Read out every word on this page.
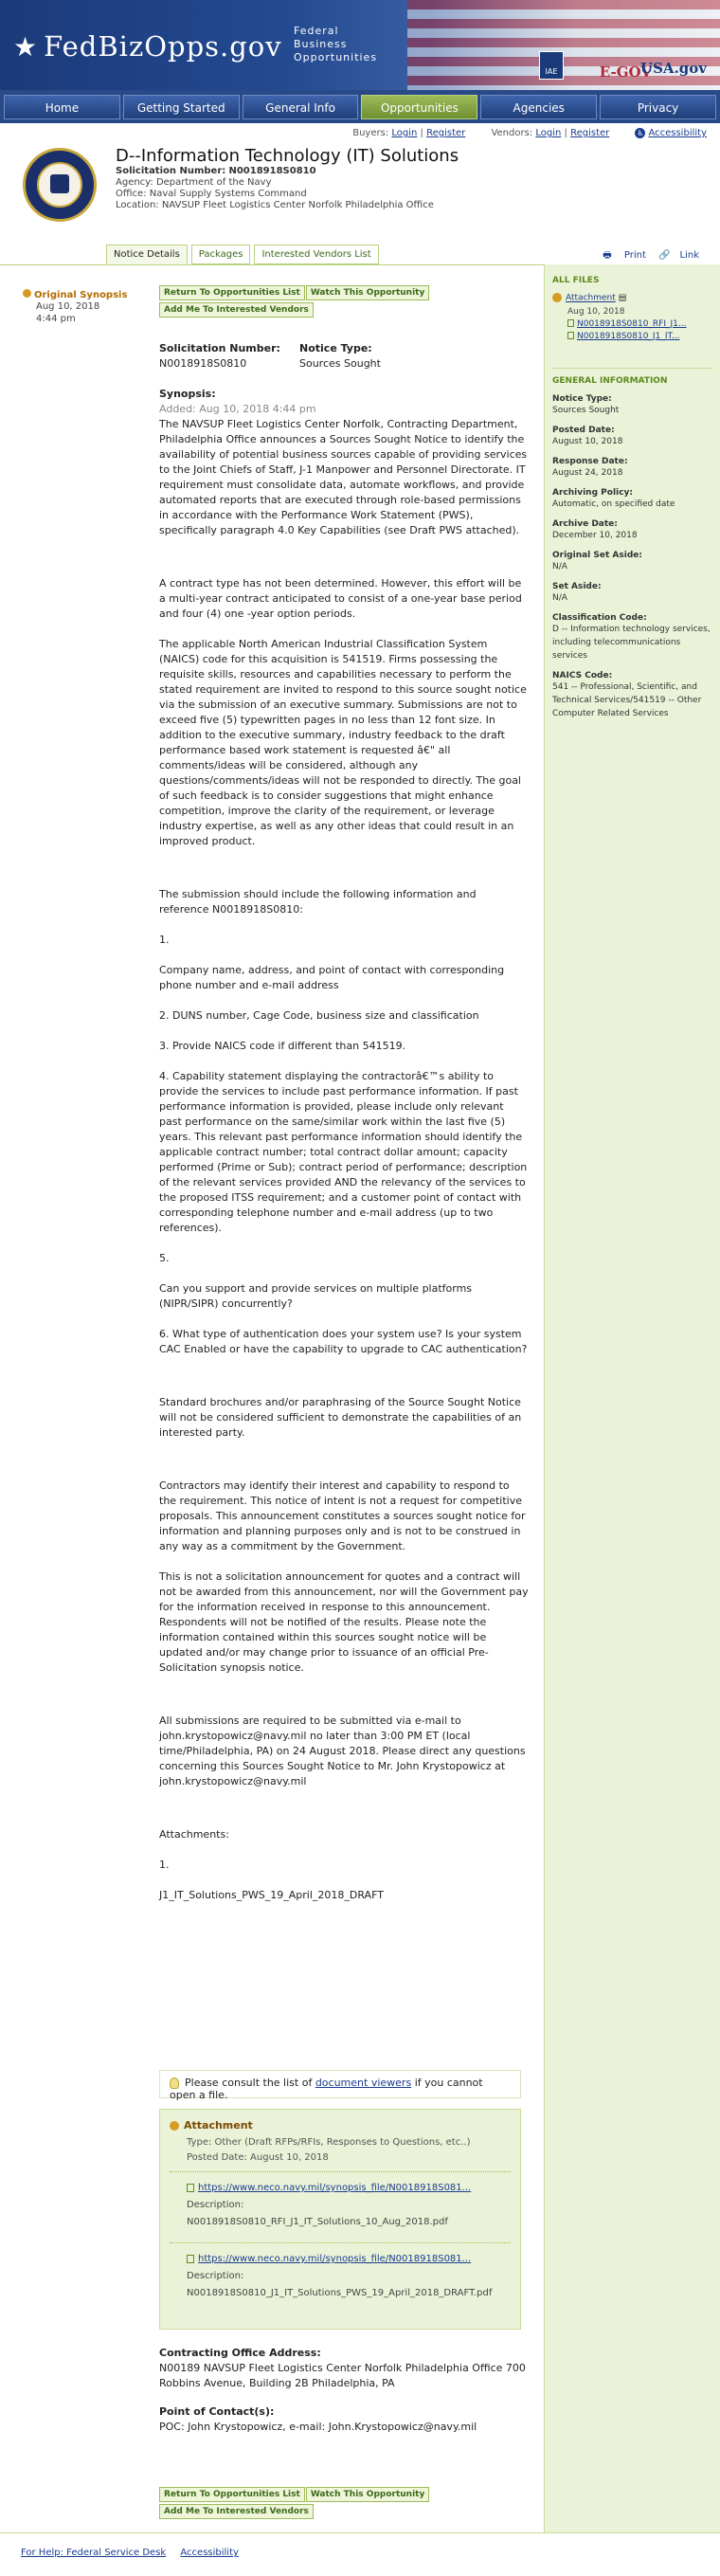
★ FedBizOpps.gov Federal
Business
Opportunities
IAE	E-GOV
USA.gov
Home	Getting Started	General Info	Opportunities	Agencies	Privacy
Buyers: Login | Register	Vendors: Login | Register	♿ Accessibility
D--Information Technology (IT) Solutions
Solicitation Number: N0018918S0810
Agency: Department of the Navy
Office: Naval Supply Systems Command
Location: NAVSUP Fleet Logistics Center Norfolk Philadelphia Office
Notice Details	Packages	Interested Vendors List	🖶 Print 🔗 Link
Original Synopsis
Aug 10, 2018
4:44 pm
Return To Opportunities List Watch This Opportunity
Add Me To Interested Vendors
Solicitation Number:
N0018918S0810
Notice Type:
Sources Sought
Synopsis:
Added: Aug 10, 2018 4:44 pm

The NAVSUP Fleet Logistics Center Norfolk, Contracting Department, Philadelphia Office announces a Sources Sought Notice to identify the availability of potential business sources capable of providing services to the Joint Chiefs of Staff, J-1 Manpower and Personnel Directorate. IT requirement must consolidate data, automate workflows, and provide automated reports that are executed through role-based permissions in accordance with the Performance Work Statement (PWS), specifically paragraph 4.0 Key Capabilities (see Draft PWS attached).

A contract type has not been determined. However, this effort will be a multi-year contract anticipated to consist of a one-year base period and four (4) one -year option periods.

The applicable North American Industrial Classification System (NAICS) code for this acquisition is 541519. Firms possessing the requisite skills, resources and capabilities necessary to perform the stated requirement are invited to respond to this source sought notice via the submission of an executive summary. Submissions are not to exceed five (5) typewritten pages in no less than 12 font size. In addition to the executive summary, industry feedback to the draft performance based work statement is requested â€" all comments/ideas will be considered, although any questions/comments/ideas will not be responded to directly. The goal of such feedback is to consider suggestions that might enhance competition, improve the clarity of the requirement, or leverage industry expertise, as well as any other ideas that could result in an improved product.

The submission should include the following information and reference N0018918S0810:

1.

Company name, address, and point of contact with corresponding phone number and e-mail address

2. DUNS number, Cage Code, business size and classification

3. Provide NAICS code if different than 541519.

4. Capability statement displaying the contractorâ€™s ability to provide the services to include past performance information. If past performance information is provided, please include only relevant past performance on the same/similar work within the last five (5) years. This relevant past performance information should identify the applicable contract number; total contract dollar amount; capacity performed (Prime or Sub); contract period of performance; description of the relevant services provided AND the relevancy of the services to the proposed ITSS requirement; and a customer point of contact with corresponding telephone number and e-mail address (up to two references).

5.

Can you support and provide services on multiple platforms (NIPR/SIPR) concurrently?

6. What type of authentication does your system use? Is your system CAC Enabled or have the capability to upgrade to CAC authentication?

Standard brochures and/or paraphrasing of the Source Sought Notice will not be considered sufficient to demonstrate the capabilities of an interested party.

Contractors may identify their interest and capability to respond to the requirement. This notice of intent is not a request for competitive proposals. This announcement constitutes a sources sought notice for information and planning purposes only and is not to be construed in any way as a commitment by the Government.

This is not a solicitation announcement for quotes and a contract will not be awarded from this announcement, nor will the Government pay for the information received in response to this announcement. Respondents will not be notified of the results. Please note the information contained within this sources sought notice will be updated and/or may change prior to issuance of an official Pre-Solicitation synopsis notice.

All submissions are required to be submitted via e-mail to john.krystopowicz@navy.mil no later than 3:00 PM ET (local time/Philadelphia, PA) on 24 August 2018. Please direct any questions concerning this Sources Sought Notice to Mr. John Krystopowicz at john.krystopowicz@navy.mil

Attachments:

1.

J1_IT_Solutions_PWS_19_April_2018_DRAFT

Please consult the list of document viewers if you cannot open a file.
Attachment
Type: Other (Draft RFPs/RFIs, Responses to Questions, etc..)
Posted Date: August 10, 2018
https://www.neco.navy.mil/synopsis_file/N0018918S081...
Description:
N0018918S0810_RFI_J1_IT_Solutions_10_Aug_2018.pdf
https://www.neco.navy.mil/synopsis_file/N0018918S081...
Description:
N0018918S0810_J1_IT_Solutions_PWS_19_April_2018_DRAFT.pdf
Contracting Office Address:
N00189 NAVSUP Fleet Logistics Center Norfolk Philadelphia Office 700 Robbins Avenue, Building 2B Philadelphia, PA
Point of Contact(s):
POC: John Krystopowicz, e-mail: John.Krystopowicz@navy.mil
Return To Opportunities List Watch This Opportunity
Add Me To Interested Vendors
ALL FILES
Attachment ▤
Aug 10, 2018
N0018918S0810_RFI_J1...
N0018918S0810_J1_IT...
GENERAL INFORMATION
Notice Type:
Sources Sought
Posted Date:
August 10, 2018
Response Date:
August 24, 2018
Archiving Policy:
Automatic, on specified date
Archive Date:
December 10, 2018
Original Set Aside:
N/A
Set Aside:
N/A
Classification Code:
D -- Information technology services, including telecommunications services
NAICS Code:
541 -- Professional, Scientific, and Technical Services/541519 -- Other Computer Related Services
For Help: Federal Service Desk Accessibility
